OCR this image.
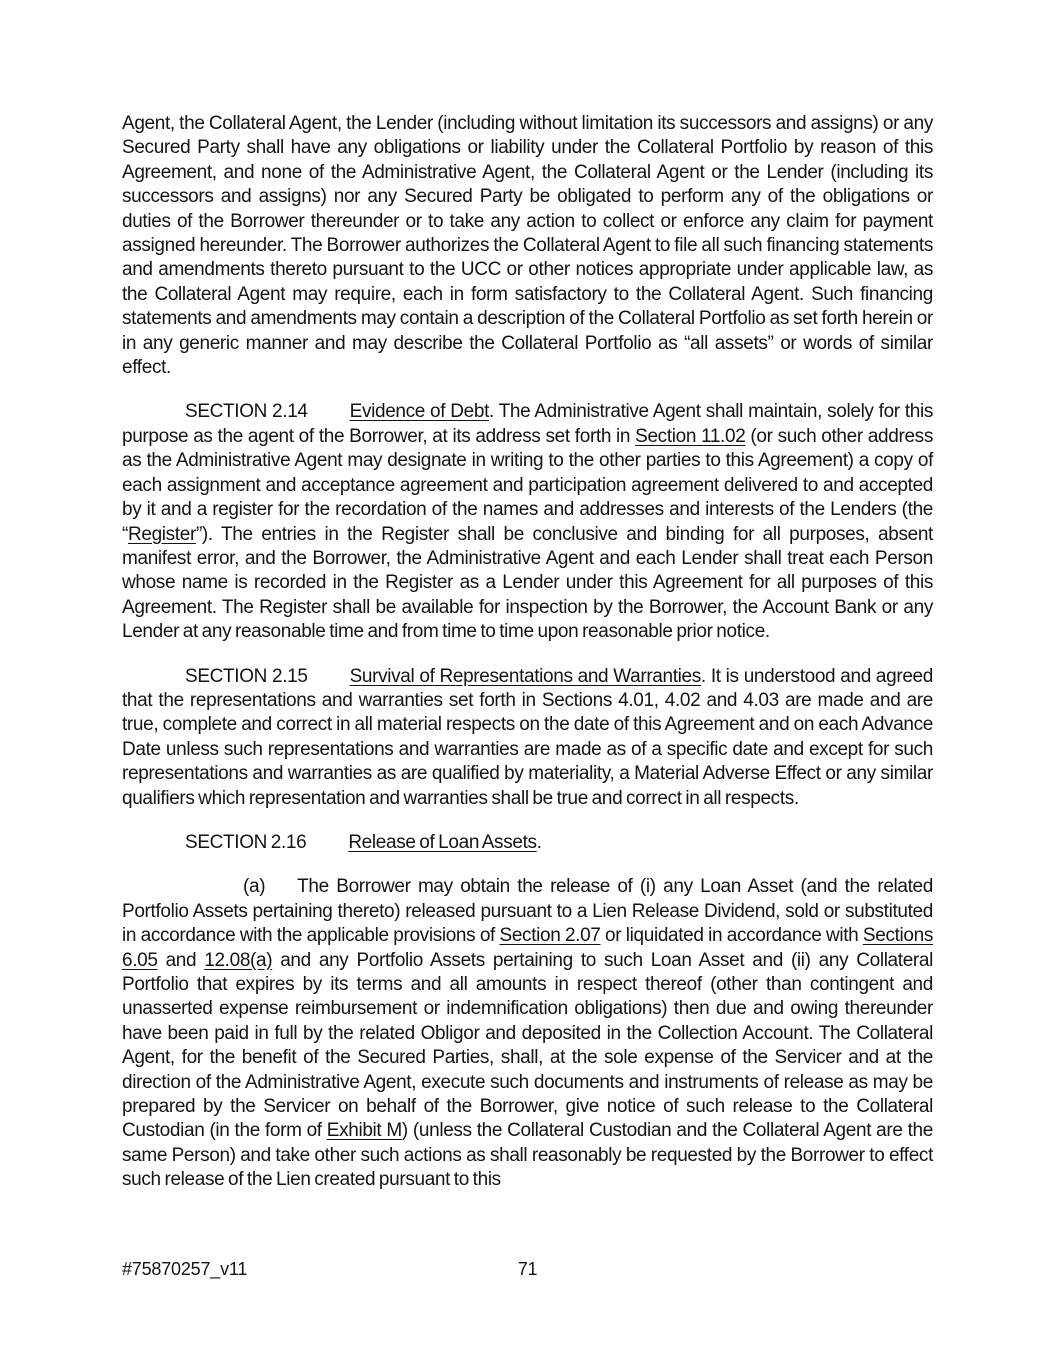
Agent, the Collateral Agent, the Lender (including without limitation its successors and assigns) or any Secured Party shall have any obligations or liability under the Collateral Portfolio by reason of this Agreement, and none of the Administrative Agent, the Collateral Agent or the Lender (including its successors and assigns) nor any Secured Party be obligated to perform any of the obligations or duties of the Borrower thereunder or to take any action to collect or enforce any claim for payment assigned hereunder. The Borrower authorizes the Collateral Agent to file all such financing statements and amendments thereto pursuant to the UCC or other notices appropriate under applicable law, as the Collateral Agent may require, each in form satisfactory to the Collateral Agent. Such financing statements and amendments may contain a description of the Collateral Portfolio as set forth herein or in any generic manner and may describe the Collateral Portfolio as “all assets” or words of similar effect.

SECTION 2.14 Evidence of Debt. The Administrative Agent shall maintain, solely for this purpose as the agent of the Borrower, at its address set forth in Section 11.02 (or such other address as the Administrative Agent may designate in writing to the other parties to this Agreement) a copy of each assignment and acceptance agreement and participation agreement delivered to and accepted by it and a register for the recordation of the names and addresses and interests of the Lenders (the “Register”). The entries in the Register shall be conclusive and binding for all purposes, absent manifest error, and the Borrower, the Administrative Agent and each Lender shall treat each Person whose name is recorded in the Register as a Lender under this Agreement for all purposes of this Agreement. The Register shall be available for inspection by the Borrower, the Account Bank or any Lender at any reasonable time and from time to time upon reasonable prior notice.

SECTION 2.15 Survival of Representations and Warranties. It is understood and agreed that the representations and warranties set forth in Sections 4.01, 4.02 and 4.03 are made and are true, complete and correct in all material respects on the date of this Agreement and on each Advance Date unless such representations and warranties are made as of a specific date and except for such representations and warranties as are qualified by materiality, a Material Adverse Effect or any similar qualifiers which representation and warranties shall be true and correct in all respects.

SECTION 2.16 Release of Loan Assets.

(a) The Borrower may obtain the release of (i) any Loan Asset (and the related Portfolio Assets pertaining thereto) released pursuant to a Lien Release Dividend, sold or substituted in accordance with the applicable provisions of Section 2.07 or liquidated in accordance with Sections 6.05 and 12.08(a) and any Portfolio Assets pertaining to such Loan Asset and (ii) any Collateral Portfolio that expires by its terms and all amounts in respect thereof (other than contingent and unasserted expense reimbursement or indemnification obligations) then due and owing thereunder have been paid in full by the related Obligor and deposited in the Collection Account. The Collateral Agent, for the benefit of the Secured Parties, shall, at the sole expense of the Servicer and at the direction of the Administrative Agent, execute such documents and instruments of release as may be prepared by the Servicer on behalf of the Borrower, give notice of such release to the Collateral Custodian (in the form of Exhibit M) (unless the Collateral Custodian and the Collateral Agent are the same Person) and take other such actions as shall reasonably be requested by the Borrower to effect such release of the Lien created pursuant to this

#75870257_v11	71
